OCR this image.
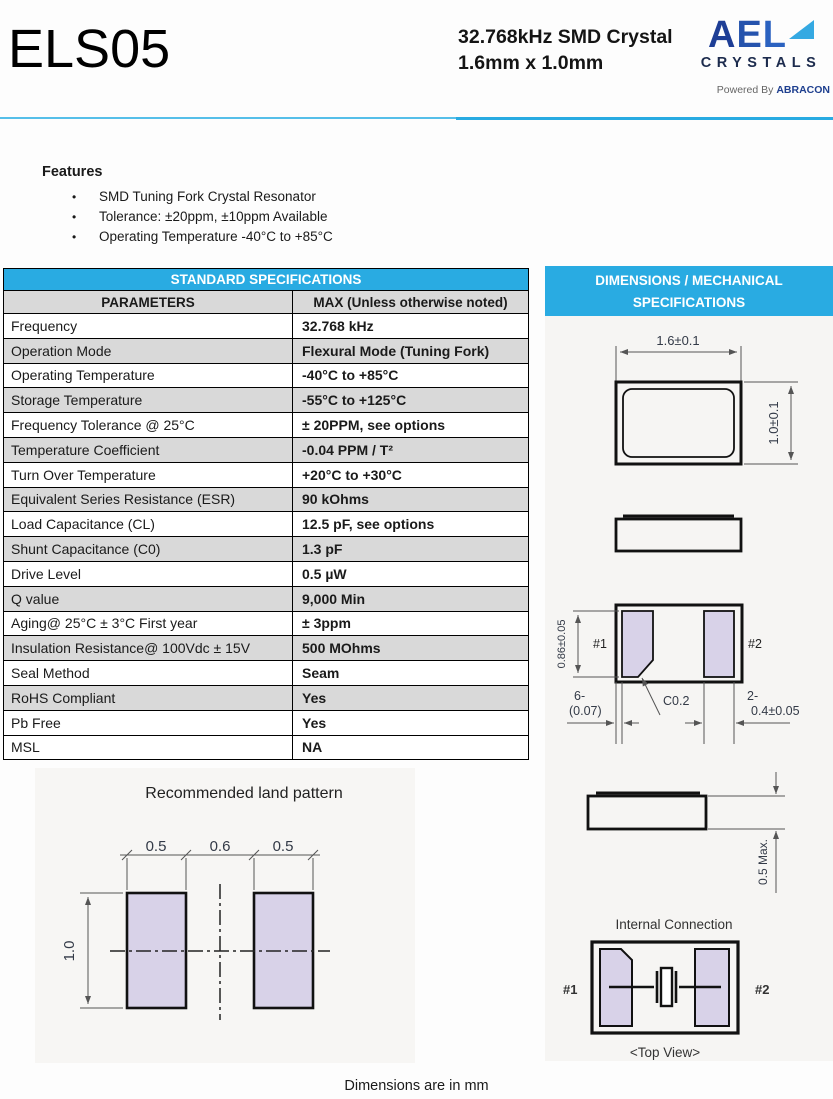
ELS05	32.768kHz SMD Crystal
1.6mm x 1.0mm
AEL
CRYSTALS
Powered By ABRACON
Features
•	SMD Tuning Fork Crystal Resonator
•	Tolerance: ±20ppm, ±10ppm Available
•	Operating Temperature -40°C to +85°C
STANDARD SPECIFICATIONS
PARAMETERS	MAX (Unless otherwise noted)
Frequency	32.768 kHz
Operation Mode	Flexural Mode (Tuning Fork)
Operating Temperature	-40°C to +85°C
Storage Temperature	-55°C to +125°C
Frequency Tolerance @ 25°C	± 20PPM, see options
Temperature Coefficient	-0.04 PPM / T²
Turn Over Temperature	+20°C to +30°C
Equivalent Series Resistance (ESR)	90 kOhms
Load Capacitance (CL)	12.5 pF, see options
Shunt Capacitance (C0)	1.3 pF
Drive Level	0.5 µW
Q value	9,000 Min
Aging@ 25°C ± 3°C First year	± 3ppm
Insulation Resistance@ 100Vdc ± 15V	500 MOhms
Seal Method	Seam
RoHS Compliant	Yes
Pb Free	Yes
MSL	NA
DIMENSIONS / MECHANICAL
SPECIFICATIONS
1.6±0.1
1.0±0.1
#1	#2
0.86±0.05
6-
(0.07)
C0.2	2-
0.4±0.05
0.5 Max.
Internal Connection
#1	#2
<Top View>
Recommended land pattern
0.5	0.6	0.5
1.0
Dimensions are in mm
